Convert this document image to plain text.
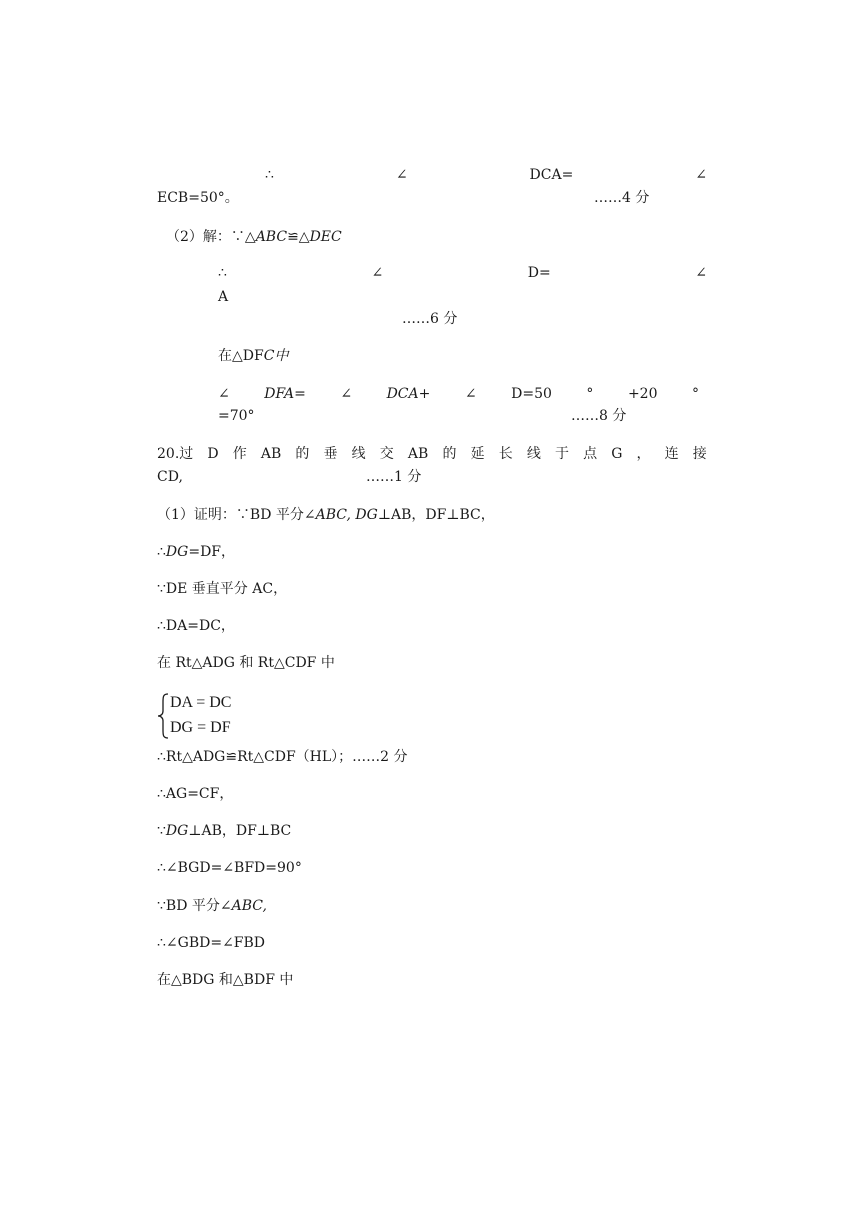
∴	∠	DCA=	∠
ECB=50°。	……4 分
（2）解：∵△ABC≌△DEC
∴	∠	D=	∠
A
……6 分
在△DFC中
∠ DFA= ∠ DCA+ ∠ D=50 ° +20 °
=70°	……8 分
20.过 D 作 AB 的 垂 线 交 AB 的 延 长 线 于 点 G ， 连 接
CD,	……1 分
（1）证明：∵BD 平分∠ABC, DG⊥AB，DF⊥BC，
∴DG=DF，
∵DE 垂直平分 AC，
∴DA=DC，
在 Rt△ADG 和 Rt△CDF 中
DA = DC
DG = DF
∴Rt△ADG≌Rt△CDF（HL）；……2 分
∴AG=CF，
∵DG⊥AB，DF⊥BC
∴∠BGD=∠BFD=90°
∵BD 平分∠ABC,
∴∠GBD=∠FBD
在△BDG 和△BDF 中
